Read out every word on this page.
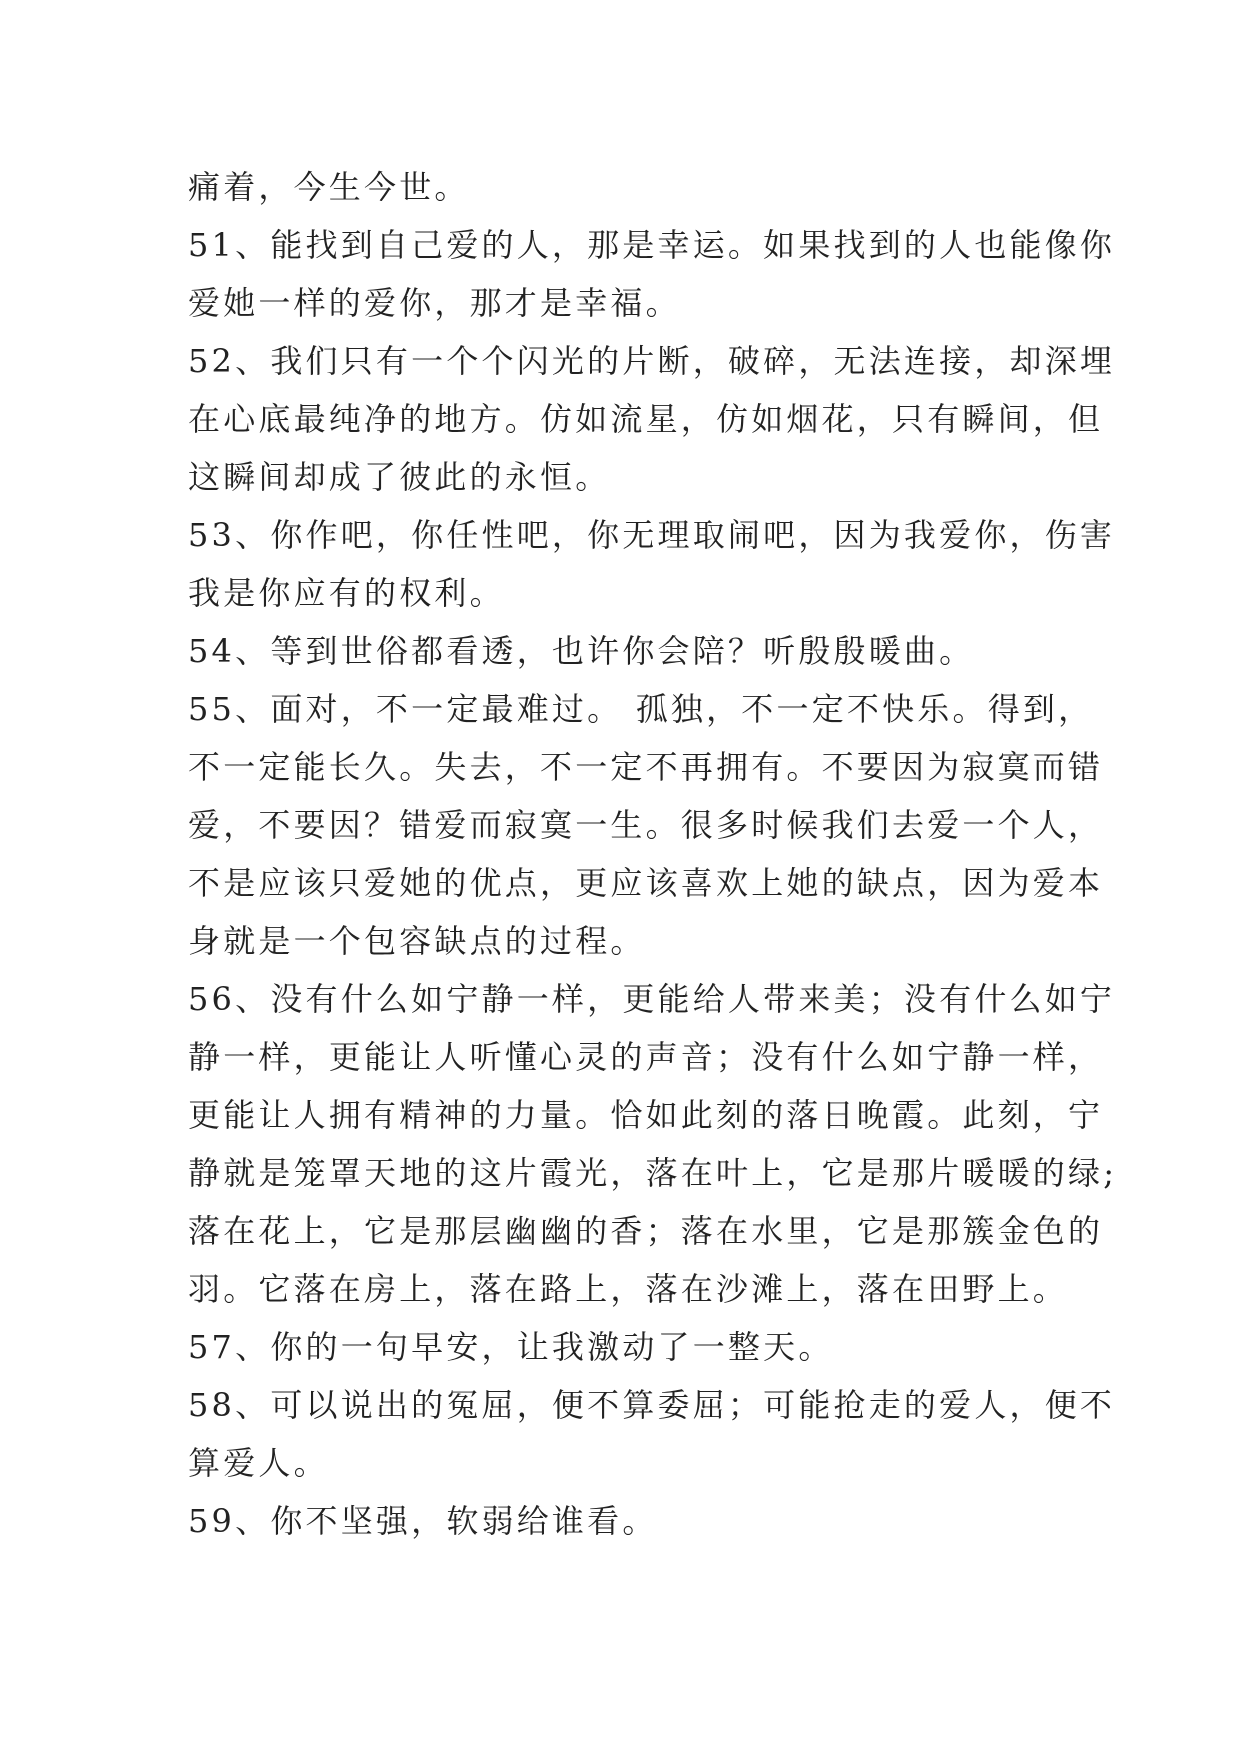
痛着，今生今世。
51、能找到自己爱的人，那是幸运。如果找到的人也能像你
爱她一样的爱你，那才是幸福。
52、我们只有一个个闪光的片断，破碎，无法连接，却深埋
在心底最纯净的地方。仿如流星，仿如烟花，只有瞬间，但
这瞬间却成了彼此的永恒。
53、你作吧，你任性吧，你无理取闹吧，因为我爱你，伤害
我是你应有的权利。
54、等到世俗都看透，也许你会陪？听殷殷暖曲。
55、面对，不一定最难过。 孤独，不一定不快乐。得到，
不一定能长久。失去，不一定不再拥有。不要因为寂寞而错
爱，不要因？错爱而寂寞一生。很多时候我们去爱一个人，
不是应该只爱她的优点，更应该喜欢上她的缺点，因为爱本
身就是一个包容缺点的过程。
56、没有什么如宁静一样，更能给人带来美；没有什么如宁
静一样，更能让人听懂心灵的声音；没有什么如宁静一样，
更能让人拥有精神的力量。恰如此刻的落日晚霞。此刻，宁
静就是笼罩天地的这片霞光，落在叶上，它是那片暖暖的绿;
落在花上，它是那层幽幽的香；落在水里，它是那簇金色的
羽。它落在房上，落在路上，落在沙滩上，落在田野上。
57、你的一句早安，让我激动了一整天。
58、可以说出的冤屈，便不算委屈；可能抢走的爱人，便不
算爱人。
59、你不坚强，软弱给谁看。
